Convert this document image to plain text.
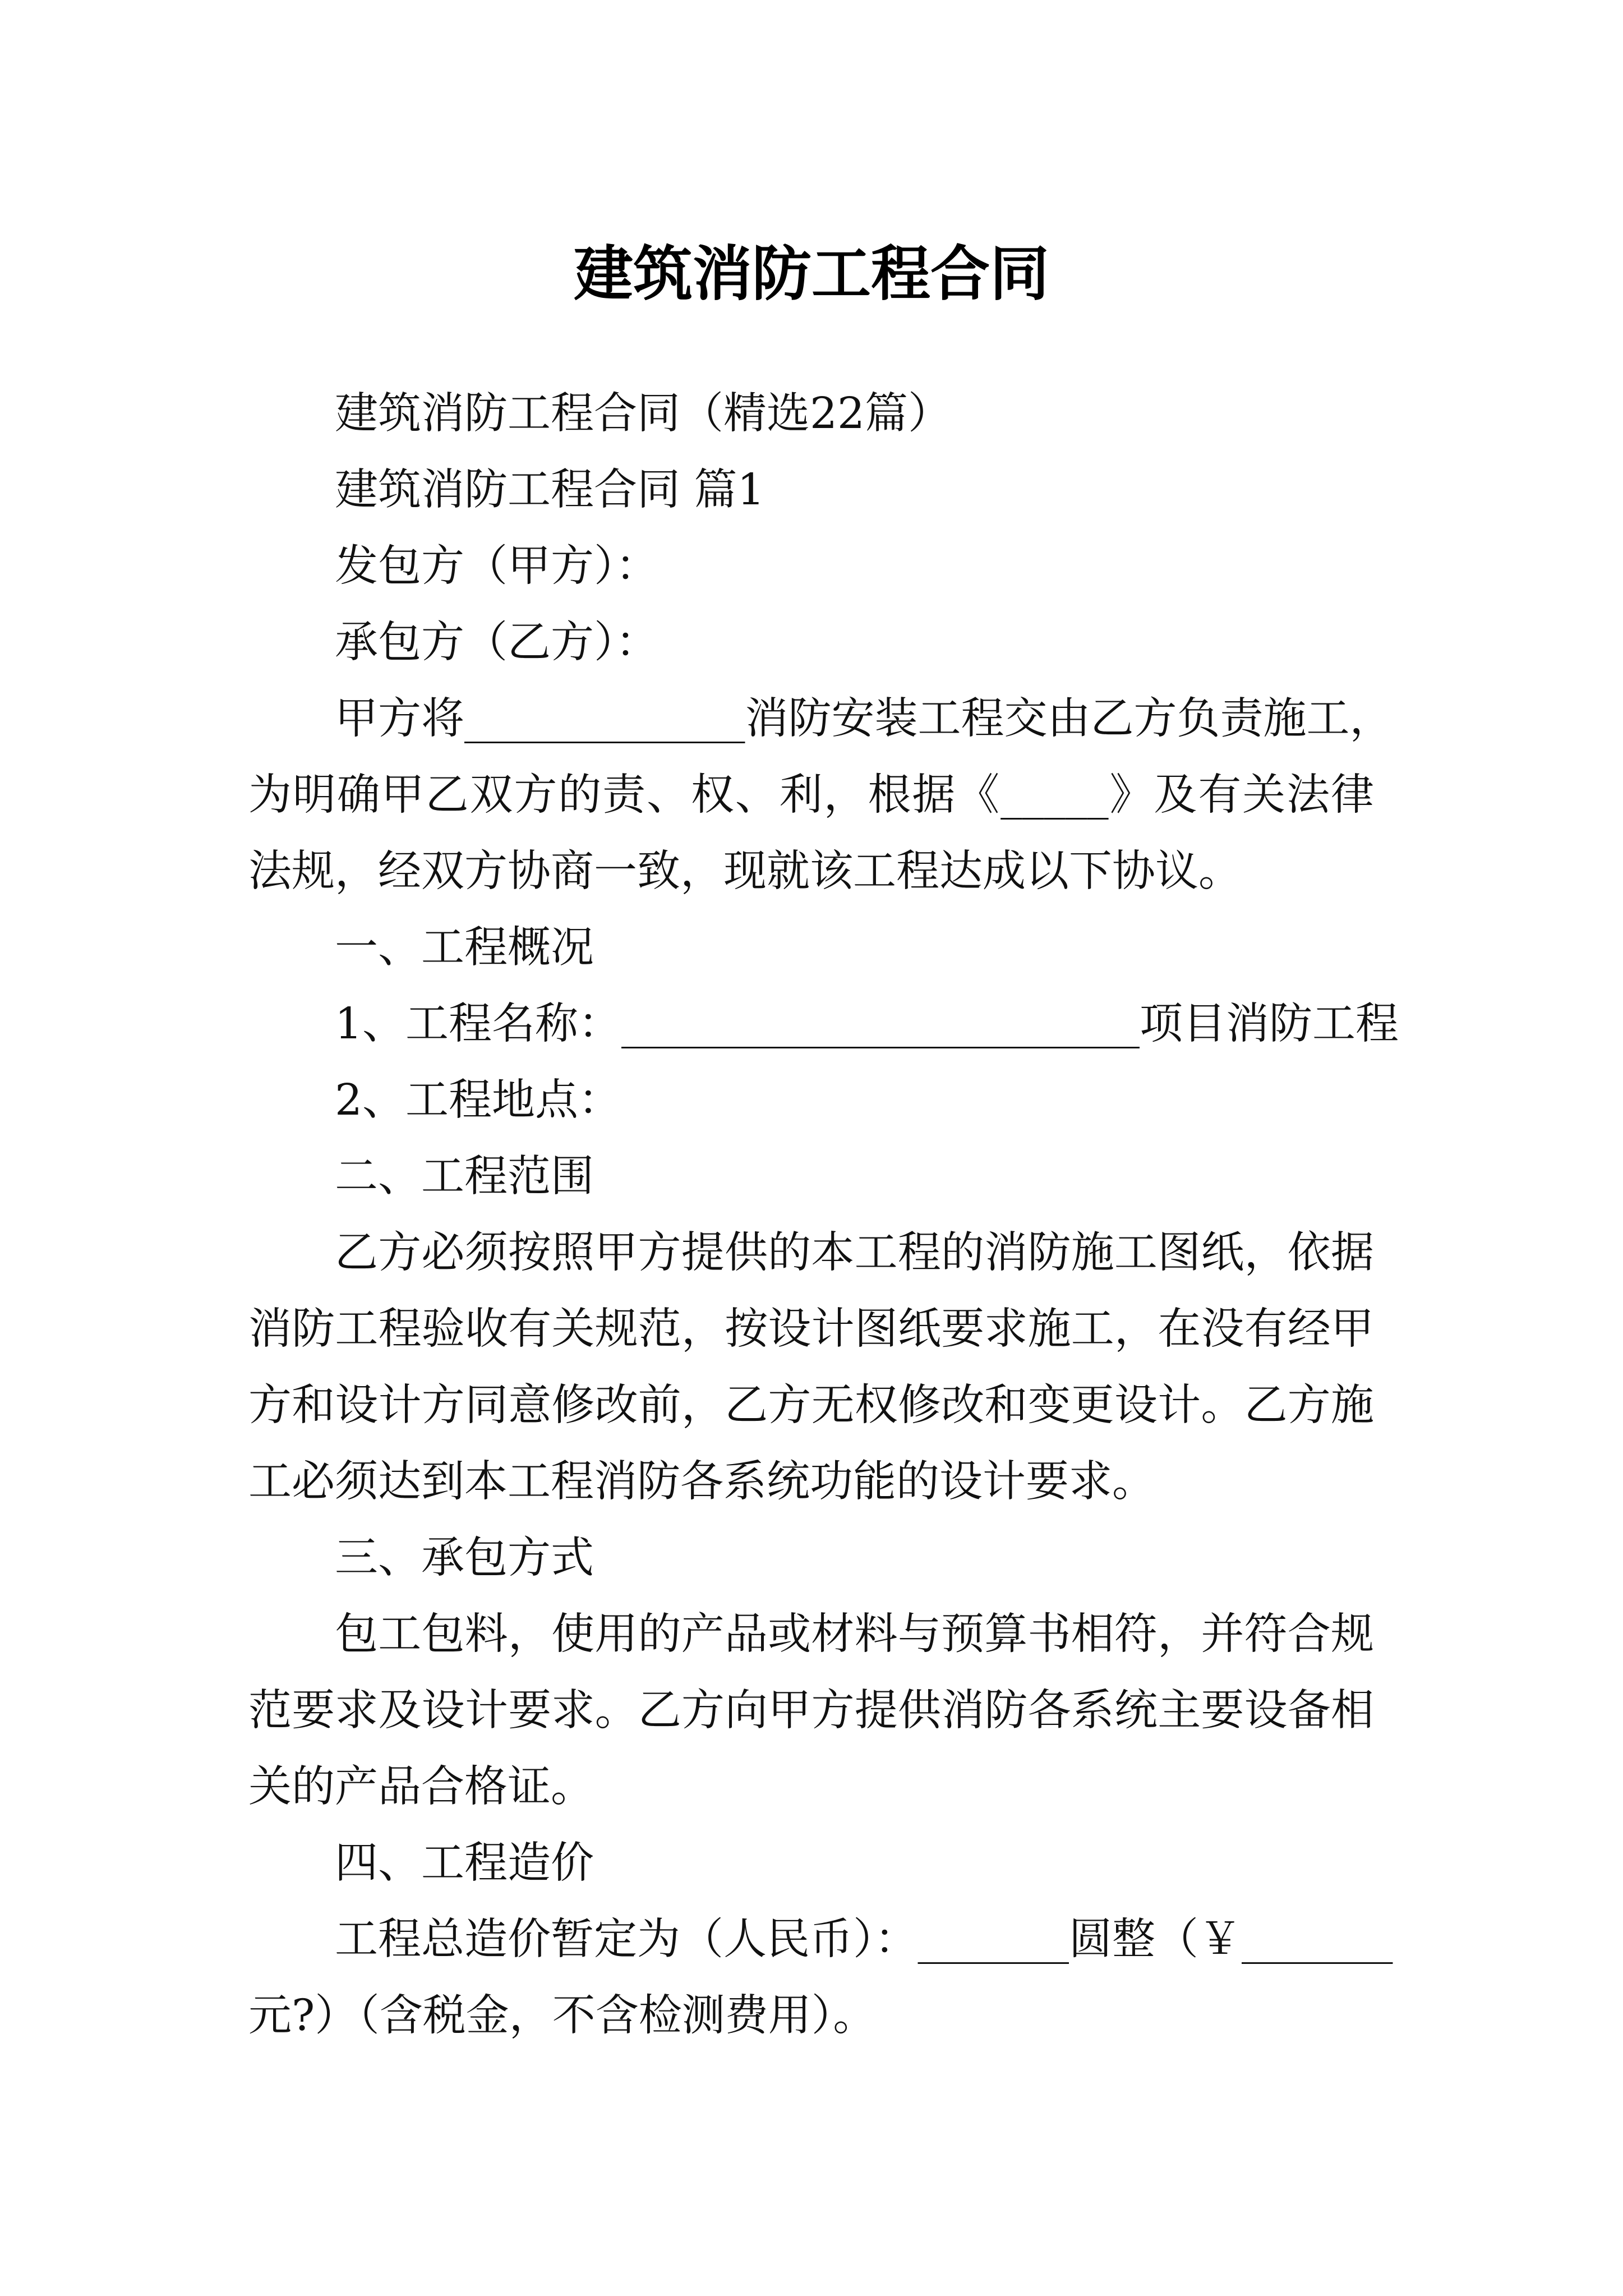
建筑消防工程合同
建筑消防工程合同（精选22篇）
建筑消防工程合同 篇1
发包方（甲方）：
承包方（乙方）：
甲方将_____________消防安装工程交由乙方负责施工，
为明确甲乙双方的责、权、利，根据《_____》及有关法律
法规，经双方协商一致，现就该工程达成以下协议。
一、工程概况
1、工程名称：________________________项目消防工程
2、工程地点：
二、工程范围
乙方必须按照甲方提供的本工程的消防施工图纸，依据
消防工程验收有关规范，按设计图纸要求施工，在没有经甲
方和设计方同意修改前，乙方无权修改和变更设计。乙方施
工必须达到本工程消防各系统功能的设计要求。
三、承包方式
包工包料，使用的产品或材料与预算书相符，并符合规
范要求及设计要求。乙方向甲方提供消防各系统主要设备相
关的产品合格证。
四、工程造价
工程总造价暂定为（人民币）：_______圆整（￥_______
元?）（含税金，不含检测费用）。
